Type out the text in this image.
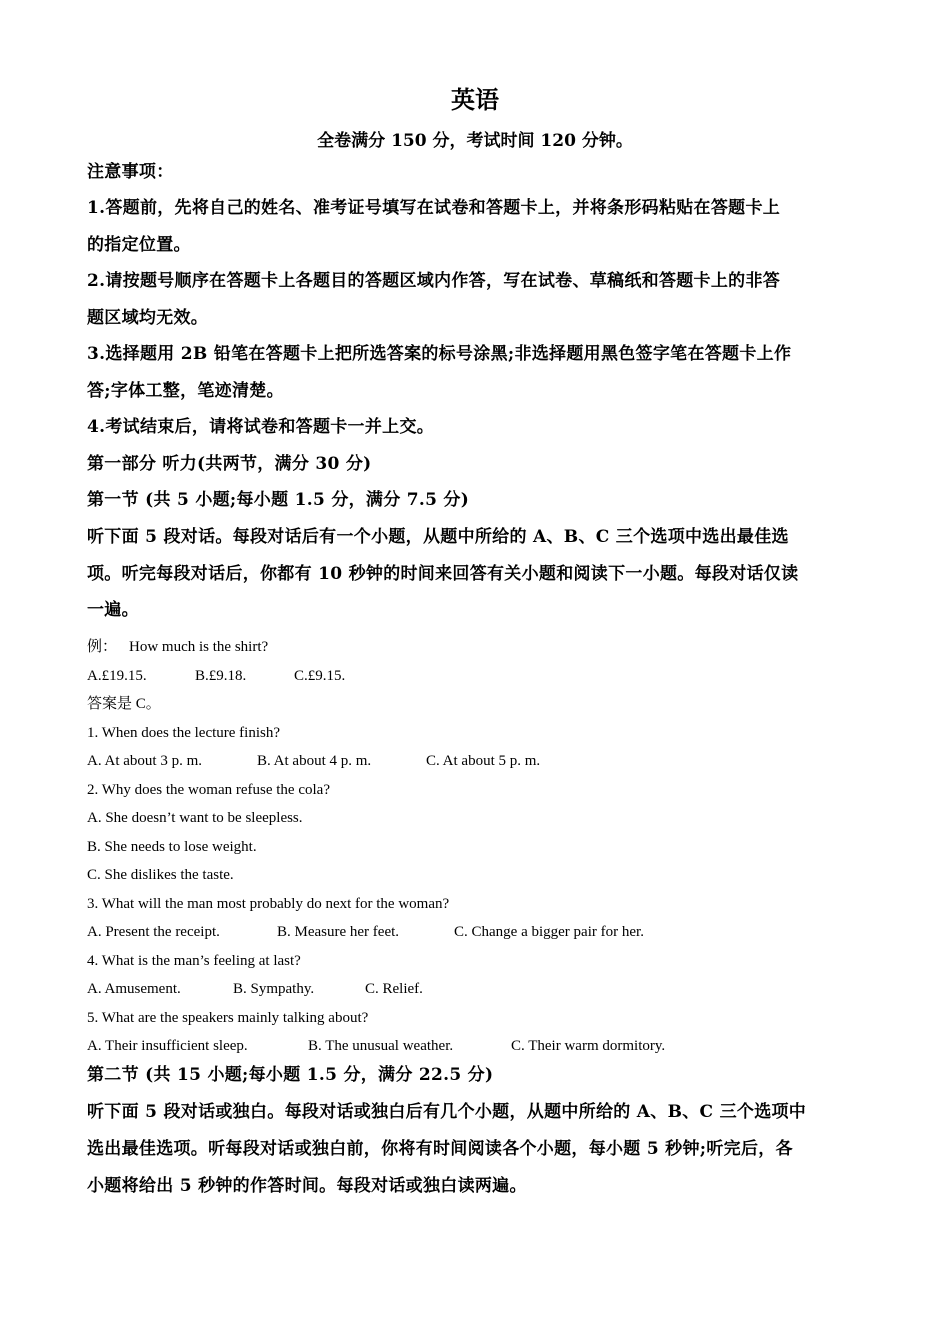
英语
全卷满分 150 分，考试时间 120 分钟。
注意事项：
1.答题前，先将自己的姓名、准考证号填写在试卷和答题卡上，并将条形码粘贴在答题卡上
的指定位置。
2.请按题号顺序在答题卡上各题目的答题区域内作答，写在试卷、草稿纸和答题卡上的非答
题区域均无效。
3.选择题用 2B 铅笔在答题卡上把所选答案的标号涂黑;非选择题用黑色签字笔在答题卡上作
答;字体工整，笔迹清楚。
4.考试结束后，请将试卷和答题卡一并上交。
第一部分 听力(共两节，满分 30 分)
第一节 (共 5 小题;每小题 1.5 分，满分 7.5 分)
听下面 5 段对话。每段对话后有一个小题，从题中所给的 A、B、C 三个选项中选出最佳选
项。听完每段对话后，你都有 10 秒钟的时间来回答有关小题和阅读下一小题。每段对话仅读
一遍。
例： How much is the shirt?
A.£19.15.	B.£9.18.	C.£9.15.
答案是 C。
1. When does the lecture finish?
A. At about 3 p. m.	B. At about 4 p. m.	C. At about 5 p. m.
2. Why does the woman refuse the cola?
A. She doesn’t want to be sleepless.
B. She needs to lose weight.
C. She dislikes the taste.
3. What will the man most probably do next for the woman?
A. Present the receipt.	B. Measure her feet.	C. Change a bigger pair for her.
4. What is the man’s feeling at last?
A. Amusement.	B. Sympathy.	C. Relief.
5. What are the speakers mainly talking about?
A. Their insufficient sleep.	B. The unusual weather.	C. Their warm dormitory.
第二节 (共 15 小题;每小题 1.5 分，满分 22.5 分)
听下面 5 段对话或独白。每段对话或独白后有几个小题，从题中所给的 A、B、C 三个选项中
选出最佳选项。听每段对话或独白前，你将有时间阅读各个小题，每小题 5 秒钟;听完后，各
小题将给出 5 秒钟的作答时间。每段对话或独白读两遍。
